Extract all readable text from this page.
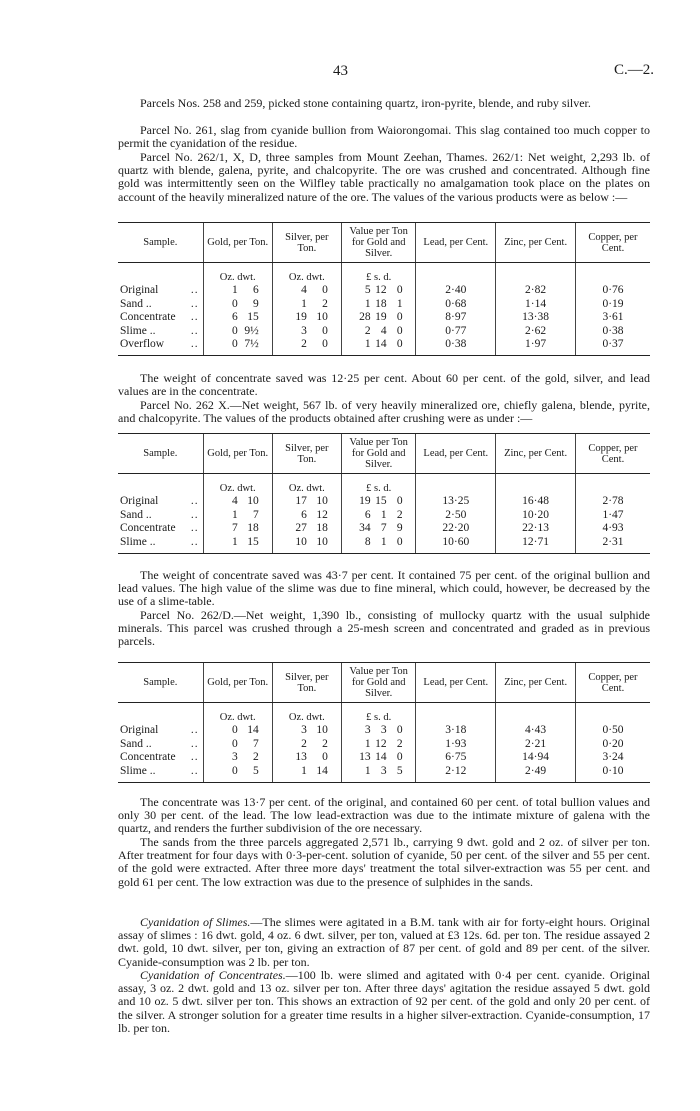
43	C.—2.

Parcels Nos. 258 and 259, picked stone containing quartz, iron-pyrite, blende, and ruby silver.

Parcel No. 261, slag from cyanide bullion from Waiorongomai. This slag contained too much copper to permit the cyanidation of the residue.

Parcel No. 262/1, X, D, three samples from Mount Zeehan, Thames. 262/1: Net weight, 2,293 lb. of quartz with blende, galena, pyrite, and chalcopyrite. The ore was crushed and concentrated. Although fine gold was intermittently seen on the Wilfley table practically no amalgamation took place on the plates on account of the heavily mineralized nature of the ore. The values of the various products were as below :—

Sample.	Gold, per Ton.	Silver, per Ton.	Value per Ton for Gold and Silver.	Lead, per Cent.	Zinc, per Cent.	Copper, per Cent.
	Oz. dwt.	Oz. dwt.	£ s. d.			
Original ..	1 6	4 0	5 12 0	2·40	2·82	0·76
Sand .. ..	0 9	1 2	1 18 1	0·68	1·14	0·19
Concentrate ..	6 15	19 10	28 19 0	8·97	13·38	3·61
Slime .. ..	0 9½	3 0	2 4 0	0·77	2·62	0·38
Overflow ..	0 7½	2 0	1 14 0	0·38	1·97	0·37

The weight of concentrate saved was 12·25 per cent. About 60 per cent. of the gold, silver, and lead values are in the concentrate.

Parcel No. 262 X.—Net weight, 567 lb. of very heavily mineralized ore, chiefly galena, blende, pyrite, and chalcopyrite. The values of the products obtained after crushing were as under :—

Sample.	Gold, per Ton.	Silver, per Ton.	Value per Ton for Gold and Silver.	Lead, per Cent.	Zinc, per Cent.	Copper, per Cent.
	Oz. dwt.	Oz. dwt.	£ s. d.			
Original ..	4 10	17 10	19 15 0	13·25	16·48	2·78
Sand .. ..	1 7	6 12	6 1 2	2·50	10·20	1·47
Concentrate ..	7 18	27 18	34 7 9	22·20	22·13	4·93
Slime .. ..	1 15	10 10	8 1 0	10·60	12·71	2·31

The weight of concentrate saved was 43·7 per cent. It contained 75 per cent. of the original bullion and lead values. The high value of the slime was due to fine mineral, which could, however, be decreased by the use of a slime-table.

Parcel No. 262/D.—Net weight, 1,390 lb., consisting of mullocky quartz with the usual sulphide minerals. This parcel was crushed through a 25-mesh screen and concentrated and graded as in previous parcels.

Sample.	Gold, per Ton.	Silver, per Ton.	Value per Ton for Gold and Silver.	Lead, per Cent.	Zinc, per Cent.	Copper, per Cent.
	Oz. dwt.	Oz. dwt.	£ s. d.			
Original ..	0 14	3 10	3 3 0	3·18	4·43	0·50
Sand .. ..	0 7	2 2	1 12 2	1·93	2·21	0·20
Concentrate ..	3 2	13 0	13 14 0	6·75	14·94	3·24
Slime .. ..	0 5	1 14	1 3 5	2·12	2·49	0·10

The concentrate was 13·7 per cent. of the original, and contained 60 per cent. of total bullion values and only 30 per cent. of the lead. The low lead-extraction was due to the intimate mixture of galena with the quartz, and renders the further subdivision of the ore necessary.

The sands from the three parcels aggregated 2,571 lb., carrying 9 dwt. gold and 2 oz. of silver per ton. After treatment for four days with 0·3-per-cent. solution of cyanide, 50 per cent. of the silver and 55 per cent. of the gold were extracted. After three more days' treatment the total silver-extraction was 55 per cent. and gold 61 per cent. The low extraction was due to the presence of sulphides in the sands.

Cyanidation of Slimes.—The slimes were agitated in a B.M. tank with air for forty-eight hours. Original assay of slimes : 16 dwt. gold, 4 oz. 6 dwt. silver, per ton, valued at £3 12s. 6d. per ton. The residue assayed 2 dwt. gold, 10 dwt. silver, per ton, giving an extraction of 87 per cent. of gold and 89 per cent. of the silver. Cyanide-consumption was 2 lb. per ton.

Cyanidation of Concentrates.—100 lb. were slimed and agitated with 0·4 per cent. cyanide. Original assay, 3 oz. 2 dwt. gold and 13 oz. silver per ton. After three days' agitation the residue assayed 5 dwt. gold and 10 oz. 5 dwt. silver per ton. This shows an extraction of 92 per cent. of the gold and only 20 per cent. of the silver. A stronger solution for a greater time results in a higher silver-extraction. Cyanide-consumption, 17 lb. per ton.
